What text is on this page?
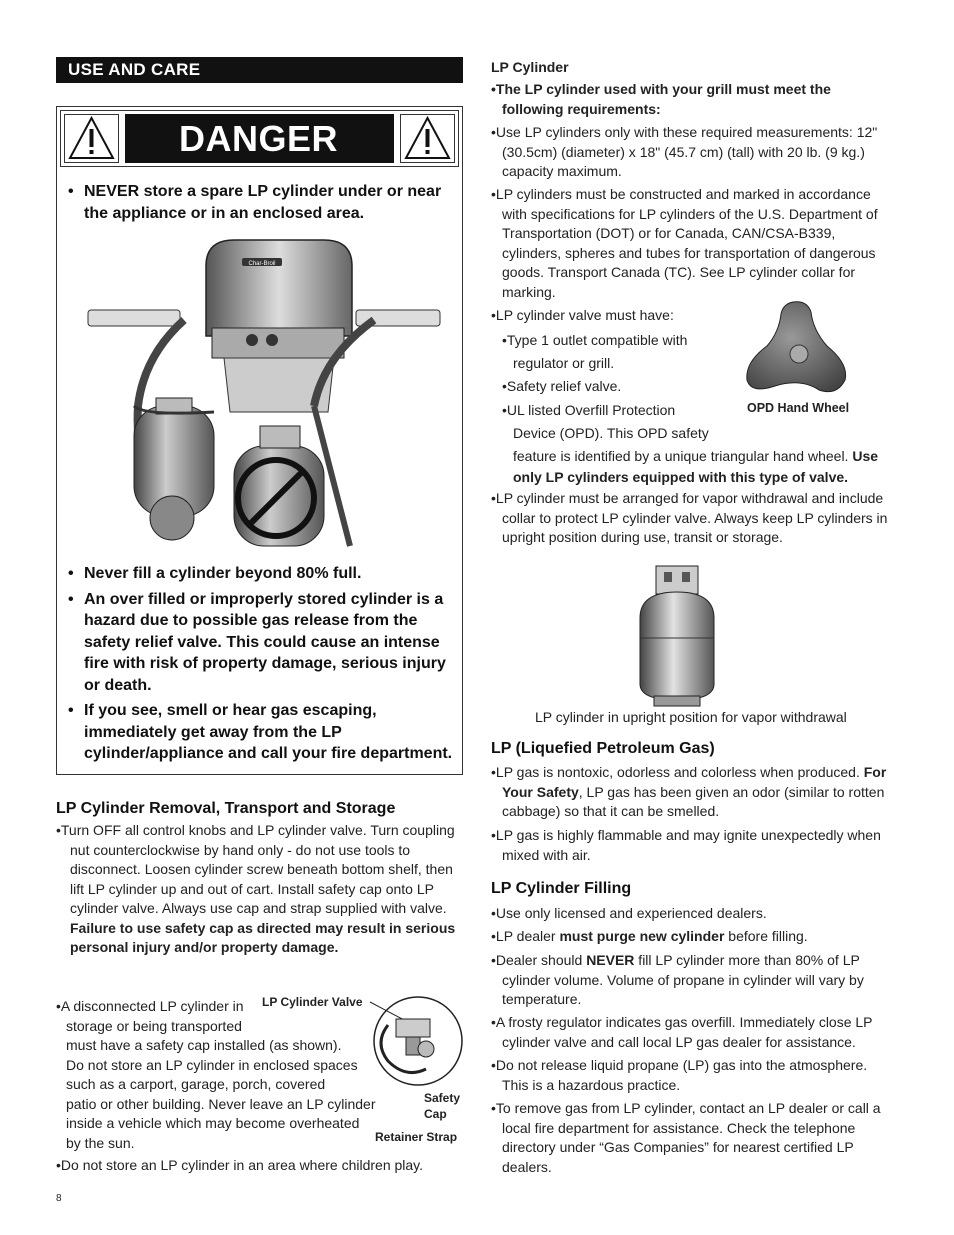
USE AND CARE
DANGER
• NEVER store a spare LP cylinder under or near the appliance or in an enclosed area.
Char-Broil
• Never fill a cylinder beyond 80% full.
• An over filled or improperly stored cylinder is a hazard due to possible gas release from the safety relief valve. This could cause an intense fire with risk of property damage, serious injury or death.
• If you see, smell or hear gas escaping, immediately get away from the LP cylinder/appliance and call your fire department.
LP Cylinder Removal, Transport and Storage
•Turn OFF all control knobs and LP cylinder valve. Turn coupling
nut counterclockwise by hand only - do not use tools to
disconnect. Loosen cylinder screw beneath bottom shelf, then
lift LP cylinder up and out of cart. Install safety cap onto LP
cylinder valve. Always use cap and strap supplied with valve.
Failure to use safety cap as directed may result in serious
personal injury and/or property damage.
•A disconnected LP cylinder in
storage or being transported
must have a safety cap installed (as shown).
Do not store an LP cylinder in enclosed spaces
such as a carport, garage, porch, covered
patio or other building. Never leave an LP cylinder
inside a vehicle which may become overheated
by the sun.
LP Cylinder Valve
Safety
Cap
Retainer Strap
•Do not store an LP cylinder in an area where children play.
8
LP Cylinder
•The LP cylinder used with your grill must meet the
following requirements:
•Use LP cylinders only with these required measurements: 12"
(30.5cm) (diameter) x 18" (45.7 cm) (tall) with 20 lb. (9 kg.)
capacity maximum.
•LP cylinders must be constructed and marked in accordance
with specifications for LP cylinders of the U.S. Department of
Transportation (DOT) or for Canada, CAN/CSA-B339,
cylinders, spheres and tubes for transportation of dangerous
goods. Transport Canada (TC). See LP cylinder collar for
marking.
•LP cylinder valve must have:
•Type 1 outlet compatible with
regulator or grill.
•Safety relief valve.
•UL listed Overfill Protection
Device (OPD). This OPD safety
OPD Hand Wheel
feature is identified by a unique triangular hand wheel. Use
only LP cylinders equipped with this type of valve.
•LP cylinder must be arranged for vapor withdrawal and include
collar to protect LP cylinder valve. Always keep LP cylinders in
upright position during use, transit or storage.
LP cylinder in upright position for vapor withdrawal
LP (Liquefied Petroleum Gas)
•LP gas is nontoxic, odorless and colorless when produced. For
Your Safety, LP gas has been given an odor (similar to rotten
cabbage) so that it can be smelled.
•LP gas is highly flammable and may ignite unexpectedly when
mixed with air.
LP Cylinder Filling
•Use only licensed and experienced dealers.
•LP dealer must purge new cylinder before filling.
•Dealer should NEVER fill LP cylinder more than 80% of LP
cylinder volume. Volume of propane in cylinder will vary by
temperature.
•A frosty regulator indicates gas overfill. Immediately close LP
cylinder valve and call local LP gas dealer for assistance.
•Do not release liquid propane (LP) gas into the atmosphere.
This is a hazardous practice.
•To remove gas from LP cylinder, contact an LP dealer or call a
local fire department for assistance. Check the telephone
directory under “Gas Companies” for nearest certified LP
dealers.
